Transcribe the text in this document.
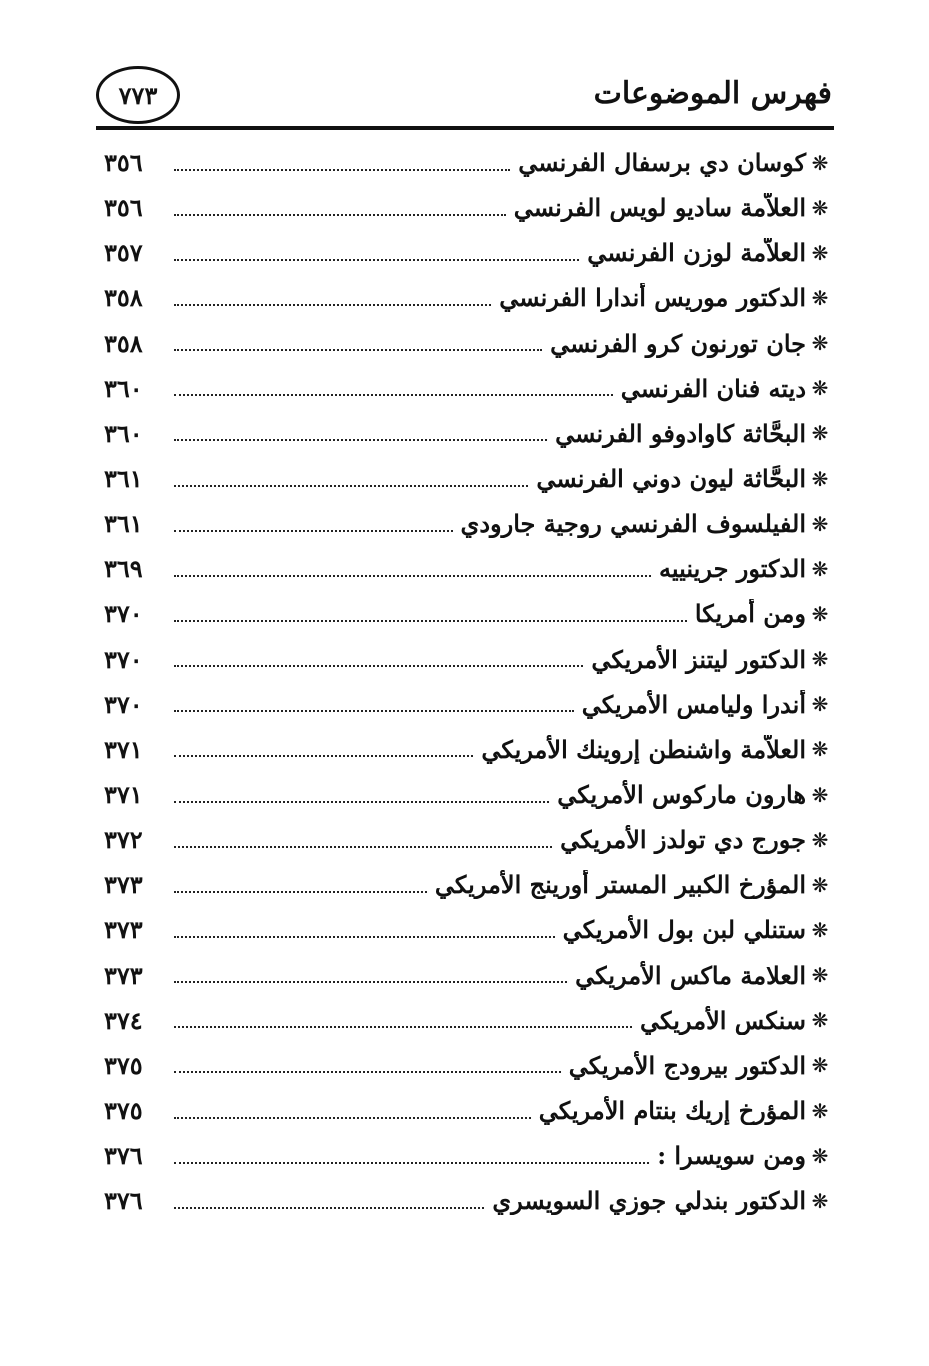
فهرس الموضوعات
٧٧٣
❋
كوسان دي برسفال الفرنسي
٣٥٦
❋
العلاَّمة ساديو لويس الفرنسي
٣٥٦
❋
العلاَّمة لوزن الفرنسي
٣٥٧
❋
الدكتور موريس أندارا الفرنسي
٣٥٨
❋
جان تورنون كرو الفرنسي
٣٥٨
❋
ديته فنان الفرنسي
٣٦٠
❋
البحَّاثة كاوادوفو الفرنسي
٣٦٠
❋
البحَّاثة ليون دوني الفرنسي
٣٦١
❋
الفيلسوف الفرنسي روجية جارودي
٣٦١
❋
الدكتور جرينييه
٣٦٩
❋
ومن أمريكا
٣٧٠
❋
الدكتور ليتنز الأمريكي
٣٧٠
❋
أندرا وليامس الأمريكي
٣٧٠
❋
العلاَّمة واشنطن إروينك الأمريكي
٣٧١
❋
هارون ماركوس الأمريكي
٣٧١
❋
جورج دي تولدز الأمريكي
٣٧٢
❋
المؤرخ الكبير المستر أورينج الأمريكي
٣٧٣
❋
ستنلي لبن بول الأمريكي
٣٧٣
❋
العلامة ماكس الأمريكي
٣٧٣
❋
سنكس الأمريكي
٣٧٤
❋
الدكتور بيرودج الأمريكي
٣٧٥
❋
المؤرخ إريك بنتام الأمريكي
٣٧٥
❋
ومن سويسرا :
٣٧٦
❋
الدكتور بندلي جوزي السويسري
٣٧٦
